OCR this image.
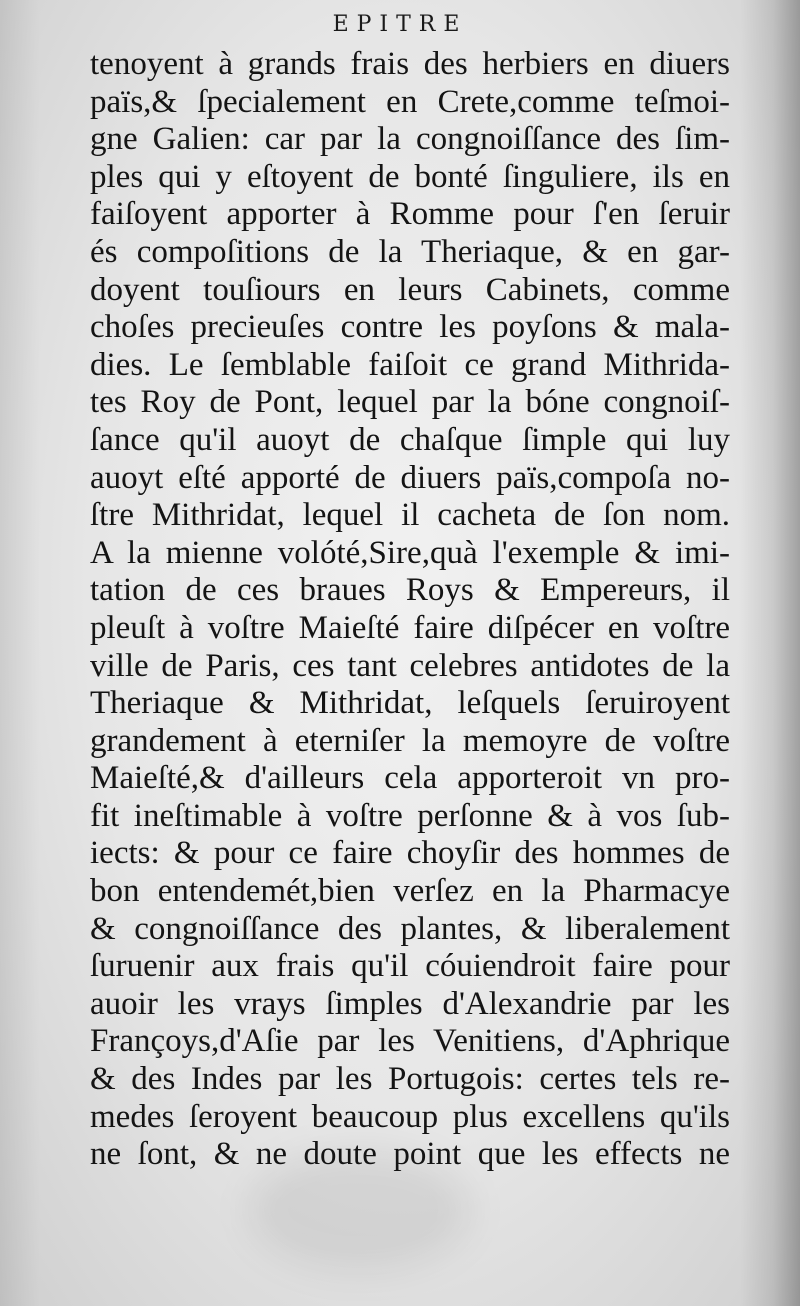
EPITRE
tenoyent à grands frais des herbiers en diuers
païs,& ſpecialement en Crete,comme teſmoi-
gne Galien: car par la congnoiſſance des ſim-
ples qui y eſtoyent de bonté ſinguliere, ils en
faiſoyent apporter à Romme pour ſ'en ſeruir
és compoſitions de la Theriaque, & en gar-
doyent touſiours en leurs Cabinets, comme
choſes precieuſes contre les poyſons & mala-
dies. Le ſemblable faiſoit ce grand Mithrida-
tes Roy de Pont, lequel par la bóne congnoiſ-
ſance qu'il auoyt de chaſque ſimple qui luy
auoyt eſté apporté de diuers païs,compoſa no-
ſtre Mithridat, lequel il cacheta de ſon nom.
A la mienne volóté,Sire,quà l'exemple & imi-
tation de ces braues Roys & Empereurs, il
pleuſt à voſtre Maieſté faire diſpécer en voſtre
ville de Paris, ces tant celebres antidotes de la
Theriaque & Mithridat, leſquels ſeruiroyent
grandement à eterniſer la memoyre de voſtre
Maieſté,& d'ailleurs cela apporteroit vn pro-
fit ineſtimable à voſtre perſonne & à vos ſub-
iects: & pour ce faire choyſir des hommes de
bon entendemét,bien verſez en la Pharmacye
& congnoiſſance des plantes, & liberalement
ſuruenir aux frais qu'il cóuiendroit faire pour
auoir les vrays ſimples d'Alexandrie par les
Françoys,d'Aſie par les Venitiens, d'Aphrique
& des Indes par les Portugois: certes tels re-
medes ſeroyent beaucoup plus excellens qu'ils
ne ſont, & ne doute point que les effects ne
